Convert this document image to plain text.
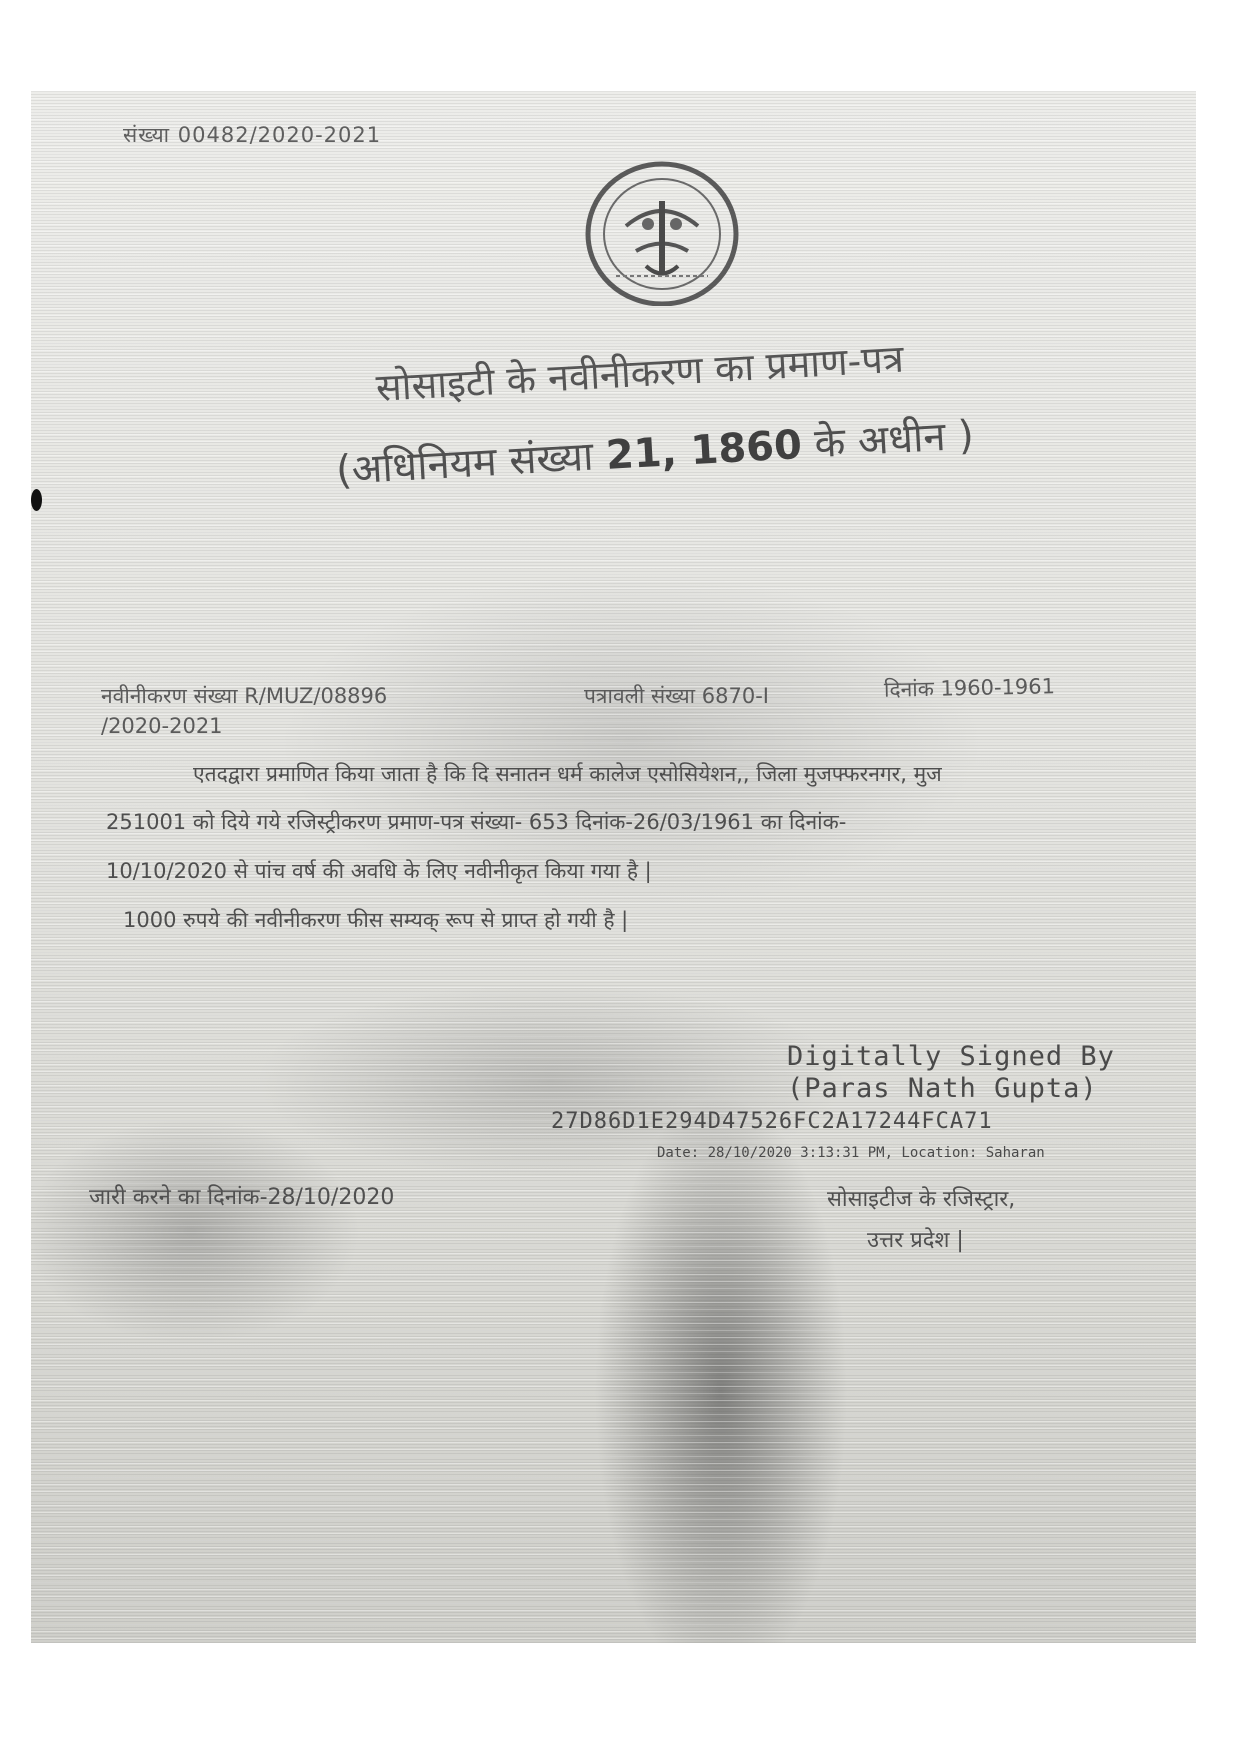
संख्या 00482/2020-2021
सोसाइटी के नवीनीकरण का प्रमाण-पत्र
(अधिनियम संख्या 21, 1860 के अधीन )
नवीनीकरण संख्या R/MUZ/08896
/2020-2021
पत्रावली संख्या 6870-I	दिनांक 1960-1961
एतदद्वारा प्रमाणित किया जाता है कि दि सनातन धर्म कालेज एसोसियेशन,, जिला मुजफ्फरनगर, मुज
251001 को दिये गये रजिस्ट्रीकरण प्रमाण-पत्र संख्या- 653 दिनांक-26/03/1961 का दिनांक-
10/10/2020 से पांच वर्ष की अवधि के लिए नवीनीकृत किया गया है |
1000 रुपये की नवीनीकरण फीस सम्यक् रूप से प्राप्त हो गयी है |
Digitally Signed By
(Paras Nath Gupta)
27D86D1E294D47526FC2A17244FCA71
Date: 28/10/2020 3:13:31 PM, Location: Saharan
जारी करने का दिनांक-28/10/2020	सोसाइटीज के रजिस्ट्रार,
उत्तर प्रदेश |
